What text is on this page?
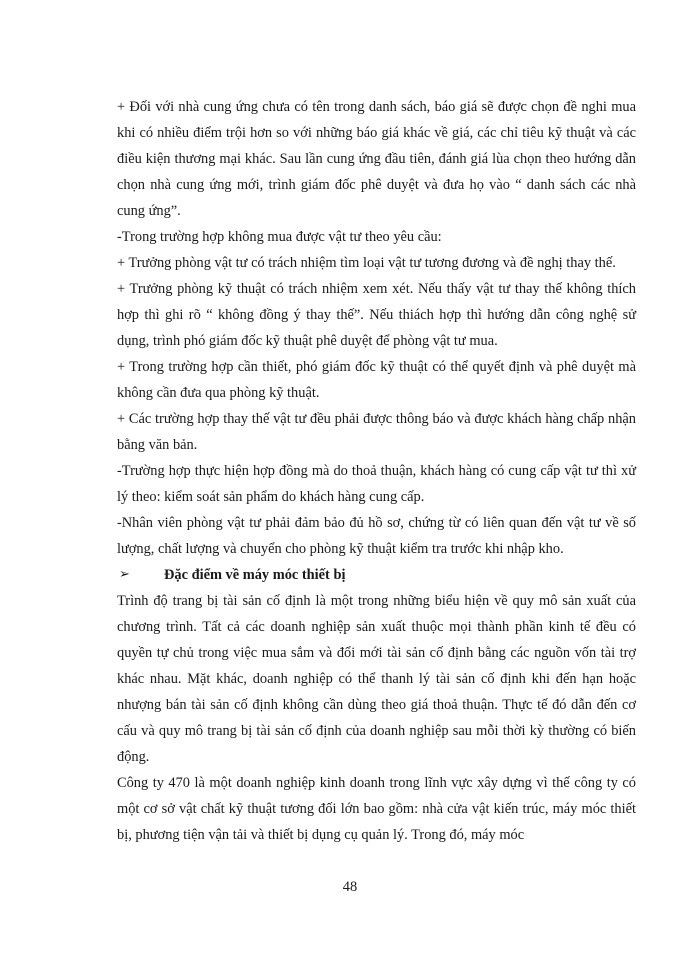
+ Đối với nhà cung ứng chưa có tên trong danh sách, báo giá sẽ được chọn đề nghi mua khi có nhiều điểm trội hơn so với những báo giá khác về giá, các chỉ tiêu kỹ thuật và các điều kiện thương mại khác. Sau lần cung ứng đầu tiên, đánh giá lùa chọn theo hướng dẫn chọn nhà cung ứng mới, trình giám đốc phê duyệt và đưa họ vào “ danh sách các nhà cung ứng”.

-Trong trường hợp không mua được vật tư theo yêu cầu:

+ Trưởng phòng vật tư có trách nhiệm tìm loại vật tư tương đương và đề nghị thay thế.

+ Trưởng phòng kỹ thuật có trách nhiệm xem xét. Nếu thấy vật tư thay thế không thích hợp thì ghi rõ “ không đồng ý thay thế”. Nếu thiách hợp thì hướng dẫn công nghệ sử dụng, trình phó giám đốc kỹ thuật phê duyệt để phòng vật tư mua.

+ Trong trường hợp cần thiết, phó giám đốc kỹ thuật có thể quyết định và phê duyệt mà không cần đưa qua phòng kỹ thuật.

+ Các trường hợp thay thế vật tư đều phải được thông báo và được khách hàng chấp nhận bằng văn bản.

-Trường hợp thực hiện hợp đồng mà do thoả thuận, khách hàng có cung cấp vật tư thì xử lý theo: kiểm soát sản phẩm do khách hàng cung cấp.

-Nhân viên phòng vật tư phải đảm bảo đủ hồ sơ, chứng từ có liên quan đến vật tư về số lượng, chất lượng và chuyển cho phòng kỹ thuật kiểm tra trước khi nhập kho.

➢	Đặc điểm về máy móc thiết bị

Trình độ trang bị tài sản cố định là một trong những biểu hiện về quy mô sản xuất của chương trình. Tất cả các doanh nghiệp sản xuất thuộc mọi thành phần kinh tế đều có quyền tự chủ trong việc mua sắm và đổi mới tài sản cố định bằng các nguồn vốn tài trợ khác nhau. Mặt khác, doanh nghiệp có thể thanh lý tài sản cố định khi đến hạn hoặc nhượng bán tài sản cố định không cần dùng theo giá thoả thuận. Thực tế đó dẫn đến cơ cấu và quy mô trang bị tài sản cố định của doanh nghiệp sau mỗi thời kỳ thường có biến động.

Công ty 470 là một doanh nghiệp kinh doanh trong lĩnh vực xây dựng vì thế công ty có một cơ sở vật chất kỹ thuật tương đối lớn bao gồm: nhà cửa vật kiến trúc, máy móc thiết bị, phương tiện vận tải và thiết bị dụng cụ quản lý. Trong đó, máy móc

48
